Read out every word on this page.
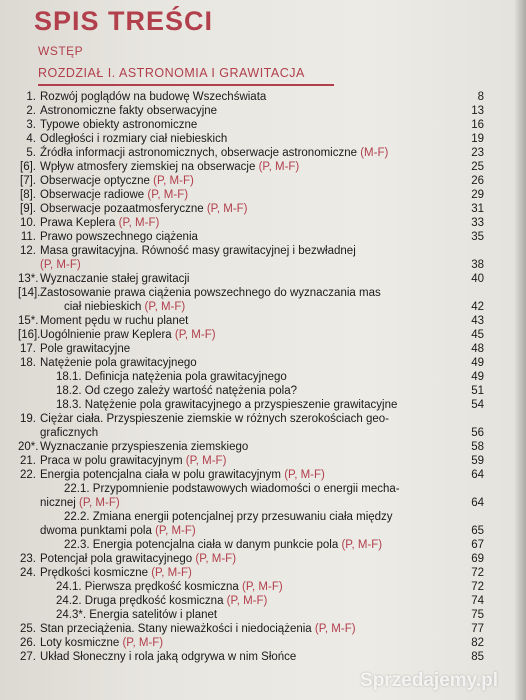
SPIS TREŚCI
WSTĘP
ROZDZIAŁ I. ASTRONOMIA I GRAWITACJA
1. Rozwój poglądów na budowę Wszechświata	8
2. Astronomiczne fakty obserwacyjne	13
3. Typowe obiekty astronomiczne	16
4. Odległości i rozmiary ciał niebieskich	19
5. Źródła informacji astronomicznych, obserwacje astronomiczne (M-F)	23
[6]. Wpływ atmosfery ziemskiej na obserwacje (P, M-F)	25
[7]. Obserwacje optyczne (P, M-F)	26
[8]. Obserwacje radiowe (P, M-F)	29
[9]. Obserwacje pozaatmosferyczne (P, M-F)	31
10. Prawa Keplera (P, M-F)	33
11. Prawo powszechnego ciążenia	35
12. Masa grawitacyjna. Równość masy grawitacyjnej i bezwładnej
(P, M-F)	38
13*. Wyznaczanie stałej grawitacji	40
[14]. Zastosowanie prawa ciążenia powszechnego do wyznaczania mas
ciał niebieskich (P, M-F)	42
15*. Moment pędu w ruchu planet	43
[16]. Uogólnienie praw Keplera (P, M-F)	45
17. Pole grawitacyjne	48
18. Natężenie pola grawitacyjnego	49
18.1. Definicja natężenia pola grawitacyjnego	49
18.2. Od czego zależy wartość natężenia pola?	51
18.3. Natężenie pola grawitacyjnego a przyspieszenie grawitacyjne	54
19. Ciężar ciała. Przyspieszenie ziemskie w różnych szerokościach geo-
graficznych	56
20*. Wyznaczanie przyspieszenia ziemskiego	58
21. Praca w polu grawitacyjnym (P, M-F)	59
22. Energia potencjalna ciała w polu grawitacyjnym (P, M-F)	64
22.1. Przypomnienie podstawowych wiadomości o energii mecha-
nicznej (P, M-F)	64
22.2. Zmiana energii potencjalnej przy przesuwaniu ciała między
dwoma punktami pola (P, M-F)	65
22.3. Energia potencjalna ciała w danym punkcie pola (P, M-F)	67
23. Potencjał pola grawitacyjnego (P, M-F)	69
24. Prędkości kosmiczne (P, M-F)	72
24.1. Pierwsza prędkość kosmiczna (P, M-F)	72
24.2. Druga prędkość kosmiczna (P, M-F)	74
24.3*. Energia satelitów i planet	75
25. Stan przeciążenia. Stany nieważkości i niedociążenia (P, M-F)	77
26. Loty kosmiczne (P, M-F)	82
27. Układ Słoneczny i rola jaką odgrywa w nim Słońce	85
Sprzedajemy.pl
